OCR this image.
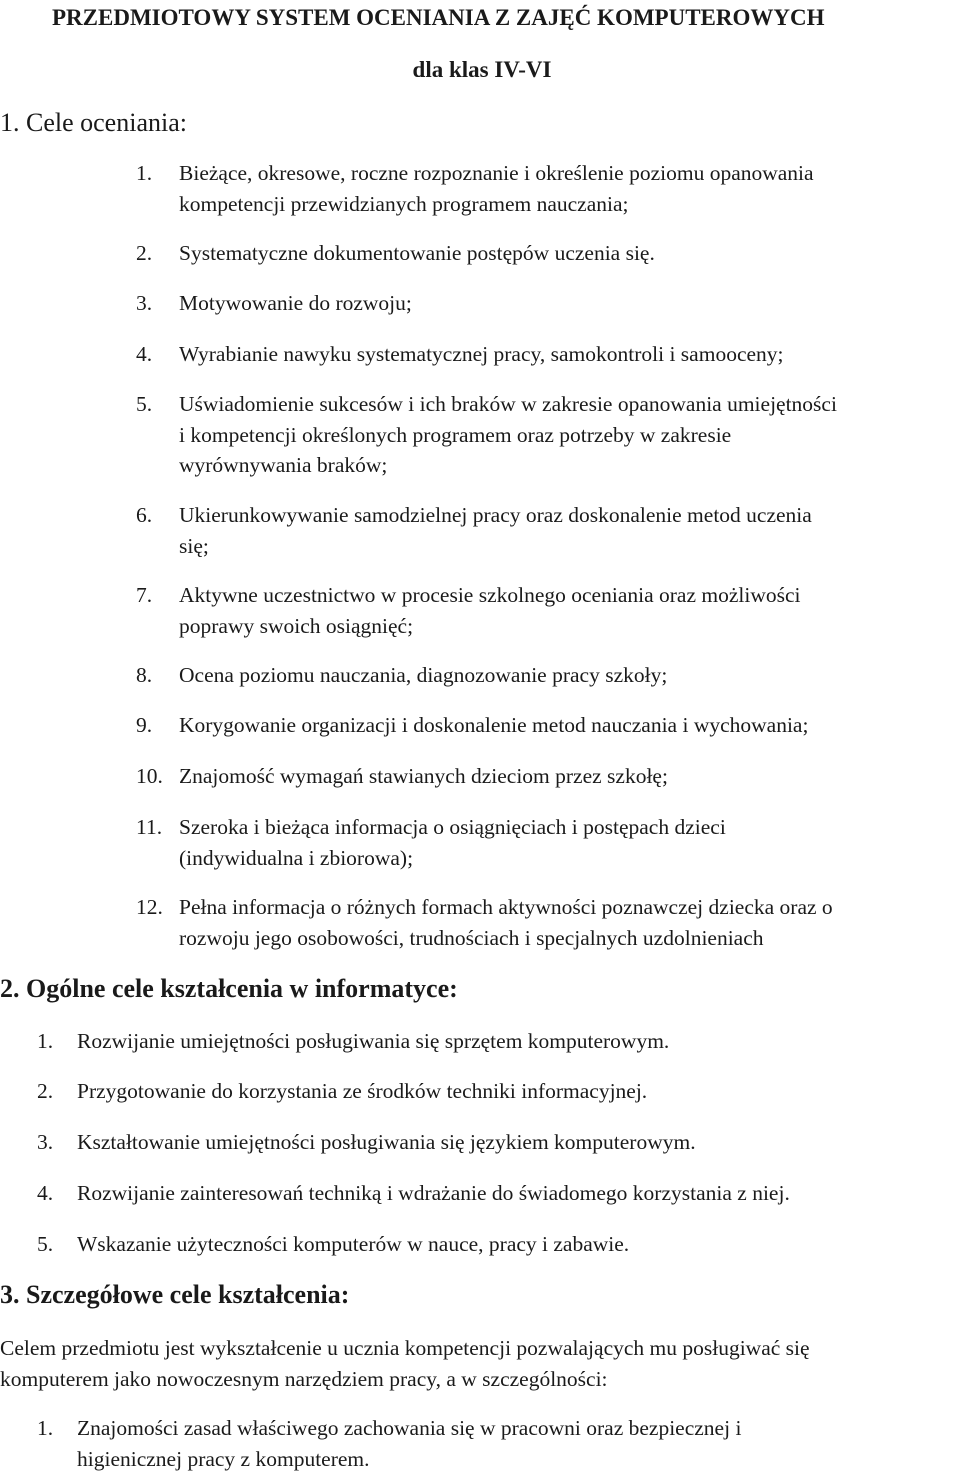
PRZEDMIOTOWY SYSTEM OCENIANIA Z ZAJĘĆ KOMPUTEROWYCH
dla klas IV-VI
1. Cele oceniania:
1. Bieżące, okresowe, roczne rozpoznanie i określenie poziomu opanowania
kompetencji przewidzianych programem nauczania;
2. Systematyczne dokumentowanie postępów uczenia się.
3. Motywowanie do rozwoju;
4. Wyrabianie nawyku systematycznej pracy, samokontroli i samooceny;
5. Uświadomienie sukcesów i ich braków w zakresie opanowania umiejętności
i kompetencji określonych programem oraz potrzeby w zakresie
wyrównywania braków;
6. Ukierunkowywanie samodzielnej pracy oraz doskonalenie metod uczenia
się;
7. Aktywne uczestnictwo w procesie szkolnego oceniania oraz możliwości
poprawy swoich osiągnięć;
8. Ocena poziomu nauczania, diagnozowanie pracy szkoły;
9. Korygowanie organizacji i doskonalenie metod nauczania i wychowania;
10. Znajomość wymagań stawianych dzieciom przez szkołę;
11. Szeroka i bieżąca informacja o osiągnięciach i postępach dzieci
(indywidualna i zbiorowa);
12. Pełna informacja o różnych formach aktywności poznawczej dziecka oraz o
rozwoju jego osobowości, trudnościach i specjalnych uzdolnieniach
2. Ogólne cele kształcenia w informatyce:
1. Rozwijanie umiejętności posługiwania się sprzętem komputerowym.
2. Przygotowanie do korzystania ze środków techniki informacyjnej.
3. Kształtowanie umiejętności posługiwania się językiem komputerowym.
4. Rozwijanie zainteresowań techniką i wdrażanie do świadomego korzystania z niej.
5. Wskazanie użyteczności komputerów w nauce, pracy i zabawie.
3. Szczegółowe cele kształcenia:
Celem przedmiotu jest wykształcenie u ucznia kompetencji pozwalających mu posługiwać się
komputerem jako nowoczesnym narzędziem pracy, a w szczególności:
1. Znajomości zasad właściwego zachowania się w pracowni oraz bezpiecznej i
higienicznej pracy z komputerem.
